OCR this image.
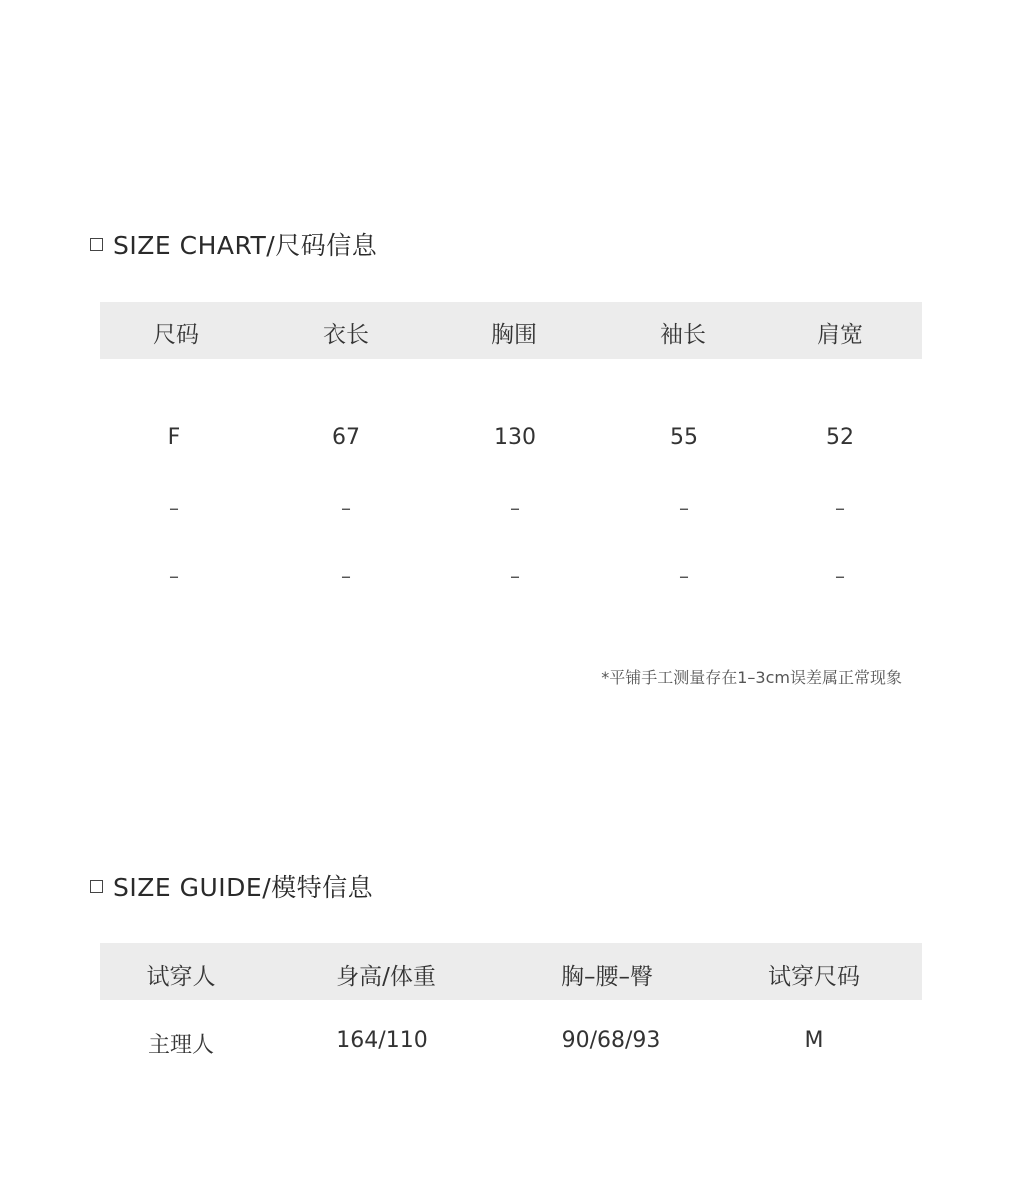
SIZE CHART/尺码信息
尺码	衣长	胸围	袖长	肩宽
F	67	130	55	52
–	–	–	–	–
–	–	–	–	–
*平铺手工测量存在1–3cm误差属正常现象
SIZE GUIDE/模特信息
试穿人	身高/体重	胸–腰–臀	试穿尺码
主理人	164/110	90/68/93	M
